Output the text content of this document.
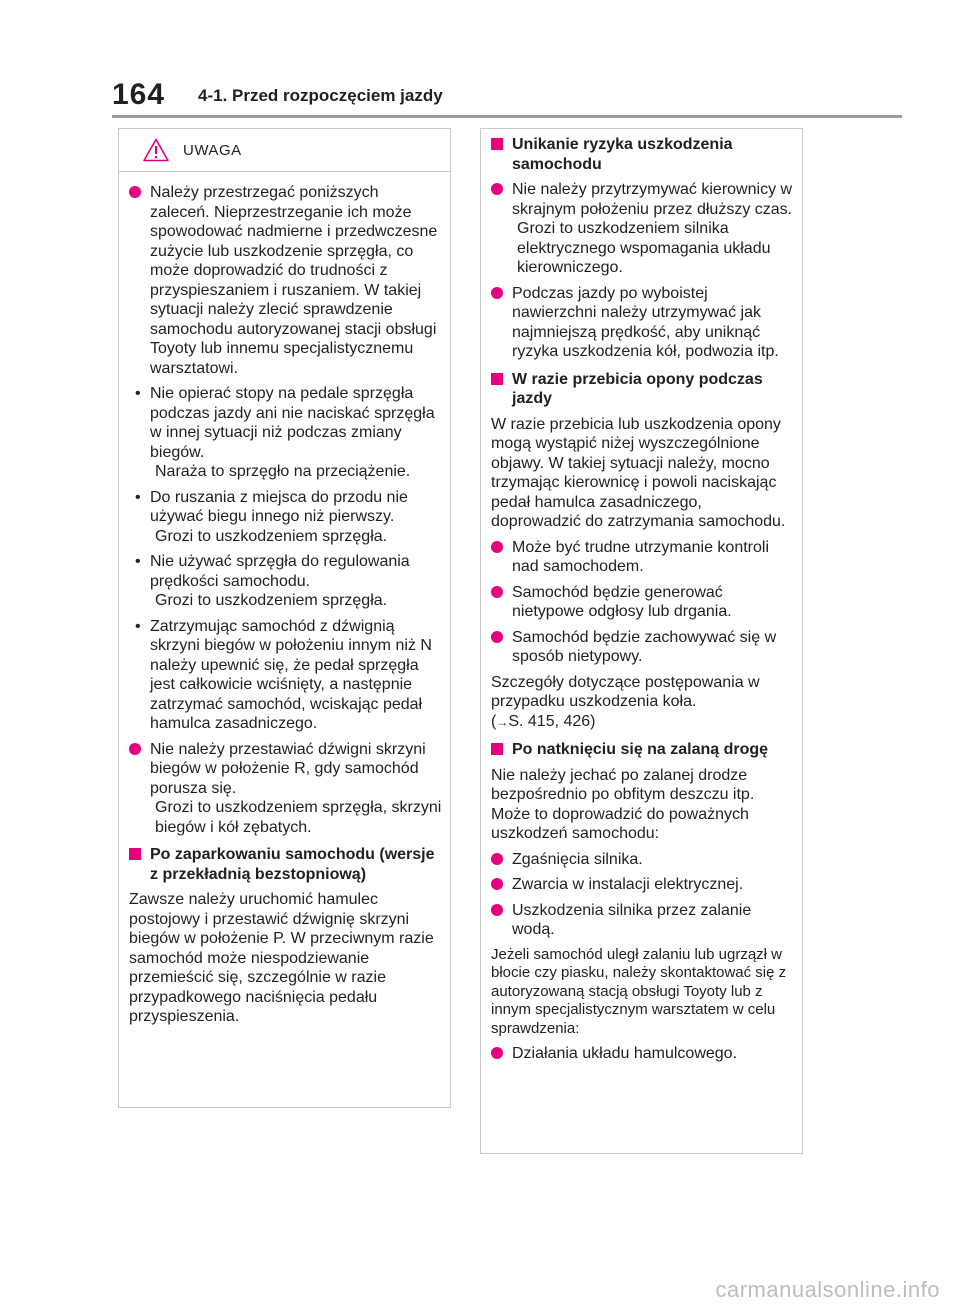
164 4-1. Przed rozpoczęciem jazdy
UWAGA
Należy przestrzegać poniższych zaleceń. Nieprzestrzeganie ich może spowodować nadmierne i przedwczesne zużycie lub uszkodzenie sprzęgła, co może doprowadzić do trudności z przyspieszaniem i ruszaniem. W takiej sytuacji należy zlecić sprawdzenie samochodu autoryzowanej stacji obsługi Toyoty lub innemu specjalistycznemu warsztatowi.
• Nie opierać stopy na pedale sprzęgła podczas jazdy ani nie naciskać sprzęgła w innej sytuacji niż podczas zmiany biegów.
Naraża to sprzęgło na przeciążenie.
• Do ruszania z miejsca do przodu nie używać biegu innego niż pierwszy.
Grozi to uszkodzeniem sprzęgła.
• Nie używać sprzęgła do regulowania prędkości samochodu.
Grozi to uszkodzeniem sprzęgła.
• Zatrzymując samochód z dźwignią skrzyni biegów w położeniu innym niż N należy upewnić się, że pedał sprzęgła jest całkowicie wciśnięty, a następnie zatrzymać samochód, wciskając pedał hamulca zasadniczego.
Nie należy przestawiać dźwigni skrzyni biegów w położenie R, gdy samochód porusza się.
Grozi to uszkodzeniem sprzęgła, skrzyni biegów i kół zębatych.
Po zaparkowaniu samochodu (wersje z przekładnią bezstopniową)
Zawsze należy uruchomić hamulec postojowy i przestawić dźwignię skrzyni biegów w położenie P. W przeciwnym razie samochód może niespodziewanie przemieścić się, szczególnie w razie przypadkowego naciśnięcia pedału przyspieszenia.
Unikanie ryzyka uszkodzenia samochodu
Nie należy przytrzymywać kierownicy w skrajnym położeniu przez dłuższy czas.
Grozi to uszkodzeniem silnika elektrycznego wspomagania układu kierowniczego.
Podczas jazdy po wyboistej nawierzchni należy utrzymywać jak najmniejszą prędkość, aby uniknąć ryzyka uszkodzenia kół, podwozia itp.
W razie przebicia opony podczas jazdy
W razie przebicia lub uszkodzenia opony mogą wystąpić niżej wyszczególnione objawy. W takiej sytuacji należy, mocno trzymając kierownicę i powoli naciskając pedał hamulca zasadniczego, doprowadzić do zatrzymania samochodu.
Może być trudne utrzymanie kontroli nad samochodem.
Samochód będzie generować nietypowe odgłosy lub drgania.
Samochód będzie zachowywać się w sposób nietypowy.
Szczegóły dotyczące postępowania w przypadku uszkodzenia koła.
(→S. 415, 426)
Po natknięciu się na zalaną drogę
Nie należy jechać po zalanej drodze bezpośrednio po obfitym deszczu itp. Może to doprowadzić do poważnych uszkodzeń samochodu:
Zgaśnięcia silnika.
Zwarcia w instalacji elektrycznej.
Uszkodzenia silnika przez zalanie wodą.
Jeżeli samochód uległ zalaniu lub ugrzązł w błocie czy piasku, należy skontaktować się z autoryzowaną stacją obsługi Toyoty lub z innym specjalistycznym warsztatem w celu sprawdzenia:
Działania układu hamulcowego.
carmanualsonline.info
